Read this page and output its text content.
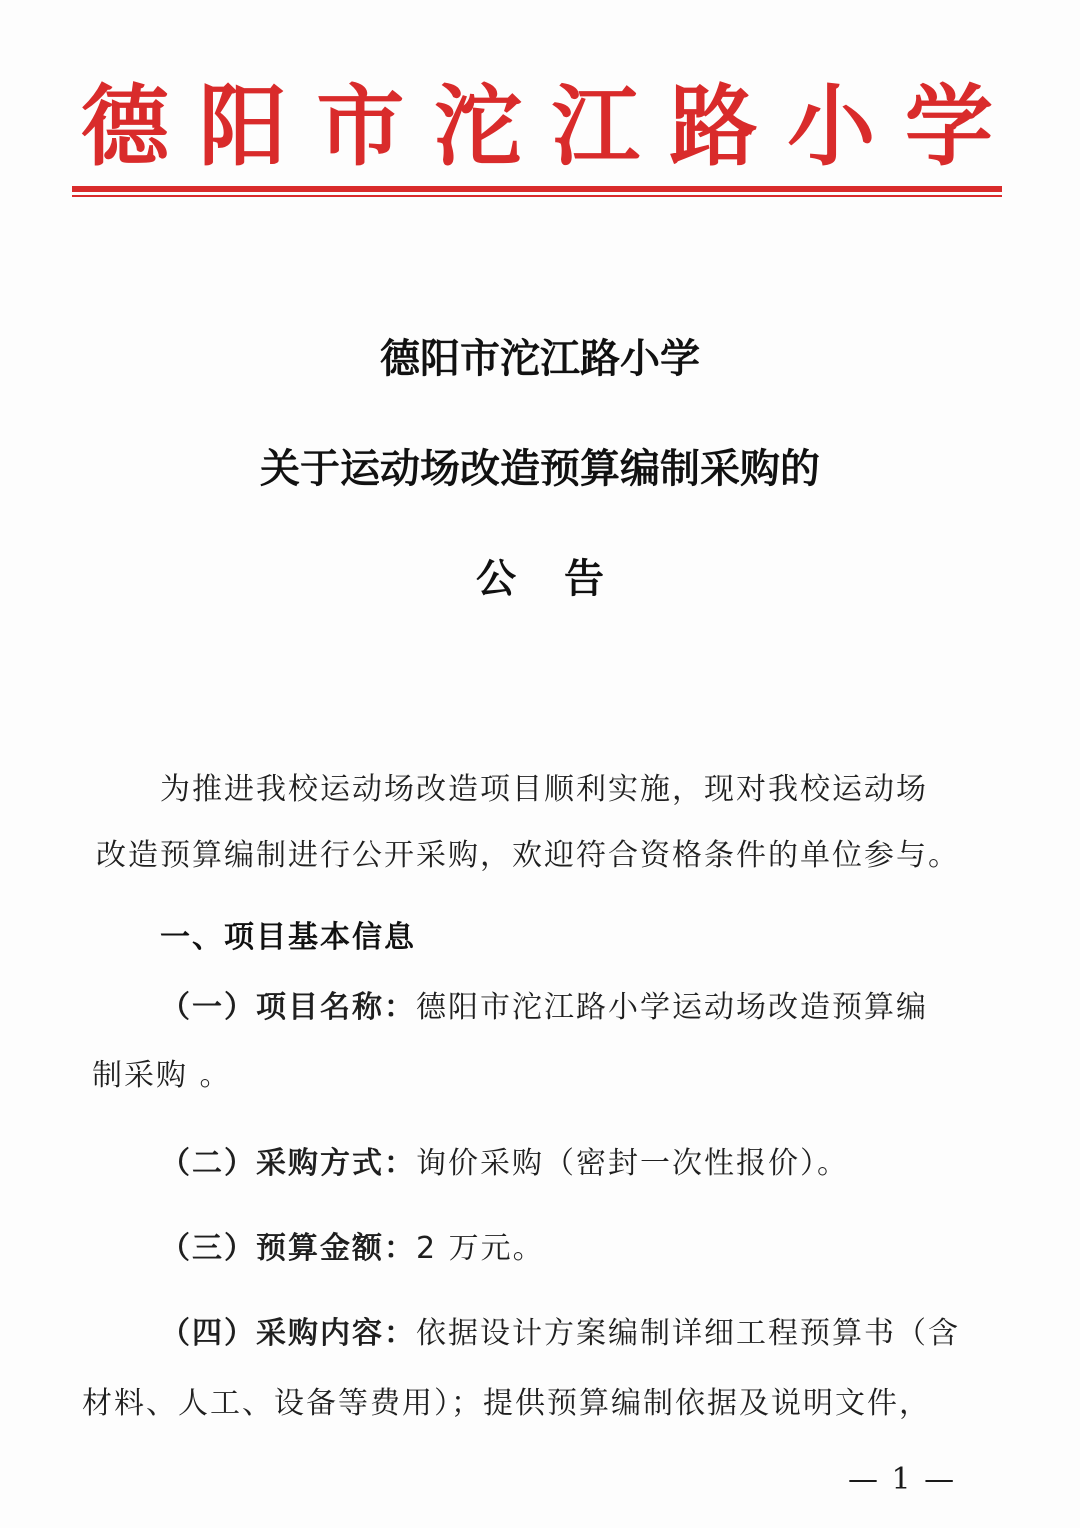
德 阳 市 沱 江 路 小 学
德阳市沱江路小学
关于运动场改造预算编制采购的
公告
为推进我校运动场改造项目顺利实施，现对我校运动场
改造预算编制进行公开采购，欢迎符合资格条件的单位参与。
一、项目基本信息
（一）项目名称：德阳市沱江路小学运动场改造预算编
制采购 。
（二）采购方式：询价采购（密封一次性报价）。
（三）预算金额：2 万元。
（四）采购内容：依据设计方案编制详细工程预算书（含
材料、人工、设备等费用）；提供预算编制依据及说明文件，
— 1 —
